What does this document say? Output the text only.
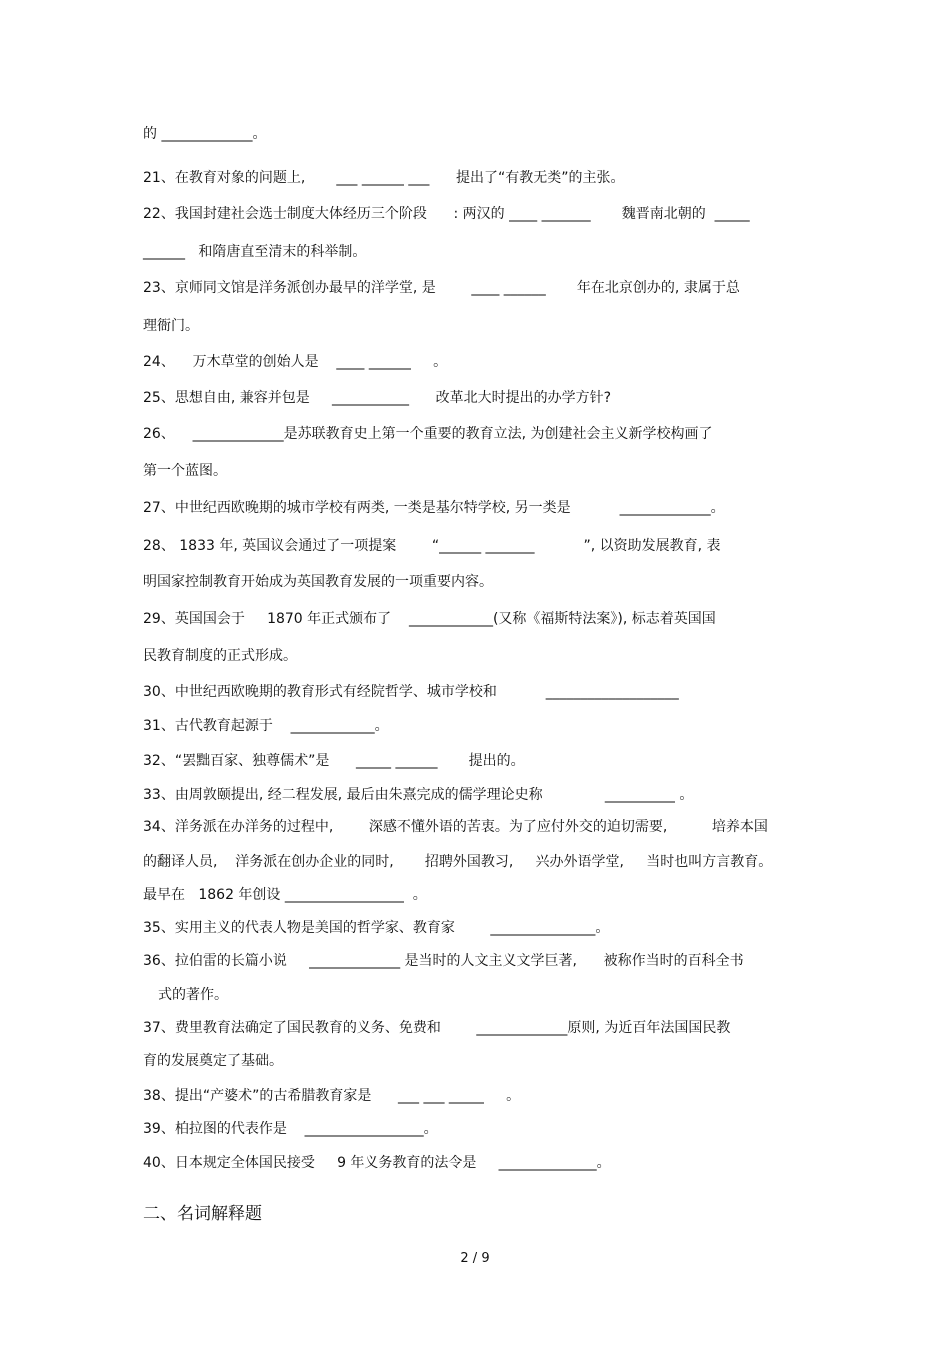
的 _____________。
21、在教育对象的问题上,       ___ ______ ___      提出了“有教无类”的主张。
22、我国封建社会选士制度大体经历三个阶段      : 两汉的 ____ _______       魏晋南北朝的  _____
______   和隋唐直至清末的科举制。
23、京师同文馆是洋务派创办最早的洋学堂, 是        ____ ______       年在北京创办的, 隶属于总
理衙门。
24、    万木草堂的创始人是    ____ ______     。
25、思想自由, 兼容并包是     ___________      改革北大时提出的办学方针?
26、    _____________是苏联教育史上第一个重要的教育立法, 为创建社会主义新学校构画了
第一个蓝图。
27、中世纪西欧晚期的城市学校有两类, 一类是基尔特学校, 另一类是           _____________。
28、 1833 年, 英国议会通过了一项提案        “______ _______           ”, 以资助发展教育, 表
明国家控制教育开始成为英国教育发展的一项重要内容。
29、英国国会于     1870 年正式颁布了    ____________(又称《福斯特法案》), 标志着英国国
民教育制度的正式形成。
30、中世纪西欧晚期的教育形式有经院哲学、城市学校和           ___________________
31、古代教育起源于    ____________。
32、“罢黜百家、独尊儒术”是      _____ ______       提出的。
33、由周敦颐提出, 经二程发展, 最后由朱熹完成的儒学理论史称              __________ 。
34、洋务派在办洋务的过程中,        深感不懂外语的苦衷。为了应付外交的迫切需要,          培养本国
的翻译人员,    洋务派在创办企业的同时,       招聘外国教习,     兴办外语学堂,     当时也叫方言教育。
最早在   1862 年创设 _________________  。
35、实用主义的代表人物是美国的哲学家、教育家        _______________。
36、拉伯雷的长篇小说     _____________ 是当时的人文主义文学巨著,      被称作当时的百科全书
式的著作。
37、费里教育法确定了国民教育的义务、免费和        _____________原则, 为近百年法国国民教
育的发展奠定了基础。
38、提出“产婆术”的古希腊教育家是      ___ ___ _____     。
39、柏拉图的代表作是    _________________。
40、日本规定全体国民接受     9 年义务教育的法令是     ______________。
二、名词解释题
2 / 9
